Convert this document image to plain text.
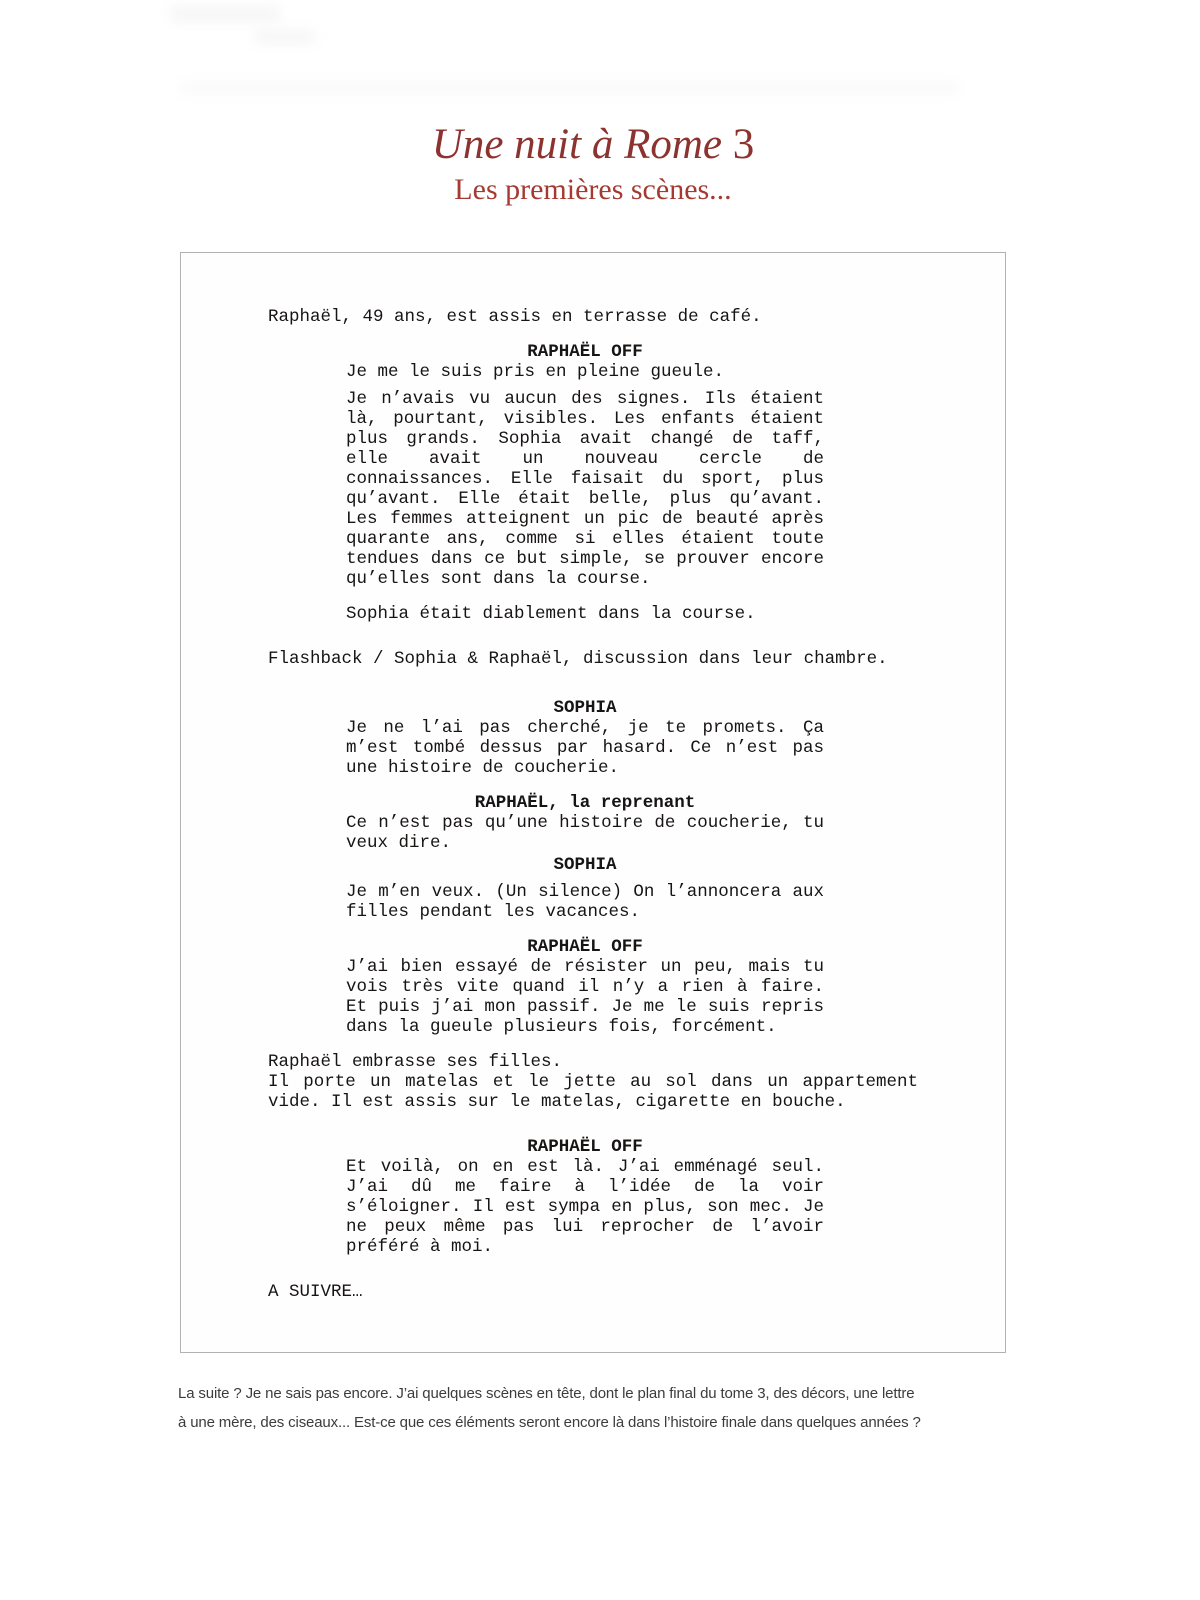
Une nuit à Rome 3
Les premières scènes...
Raphaël, 49 ans, est assis en terrasse de café.
RAPHAËL OFF
Je me le suis pris en pleine gueule.
Je n’avais vu aucun des signes. Ils étaient là, pourtant, visibles. Les enfants étaient plus grands. Sophia avait changé de taff, elle avait un nouveau cercle de connaissances. Elle faisait du sport, plus qu’avant. Elle était belle, plus qu’avant. Les femmes atteignent un pic de beauté après quarante ans, comme si elles étaient toute tendues dans ce but simple, se prouver encore qu’elles sont dans la course.
Sophia était diablement dans la course.
Flashback / Sophia & Raphaël, discussion dans leur chambre.
SOPHIA
Je ne l’ai pas cherché, je te promets. Ça m’est tombé dessus par hasard. Ce n’est pas une histoire de coucherie.
RAPHAËL, la reprenant
Ce n’est pas qu’une histoire de coucherie, tu veux dire.
SOPHIA
Je m’en veux. (Un silence) On l’annoncera aux filles pendant les vacances.
RAPHAËL OFF
J’ai bien essayé de résister un peu, mais tu vois très vite quand il n’y a rien à faire. Et puis j’ai mon passif. Je me le suis repris dans la gueule plusieurs fois, forcément.
Raphaël embrasse ses filles.
Il porte un matelas et le jette au sol dans un appartement vide. Il est assis sur le matelas, cigarette en bouche.
RAPHAËL OFF
Et voilà, on en est là. J’ai emménagé seul. J’ai dû me faire à l’idée de la voir s’éloigner. Il est sympa en plus, son mec. Je ne peux même pas lui reprocher de l’avoir préféré à moi.
A SUIVRE…
La suite ? Je ne sais pas encore. J’ai quelques scènes en tête, dont le plan final du tome 3, des décors, une lettre
à une mère, des ciseaux... Est-ce que ces éléments seront encore là dans l’histoire finale dans quelques années ?
